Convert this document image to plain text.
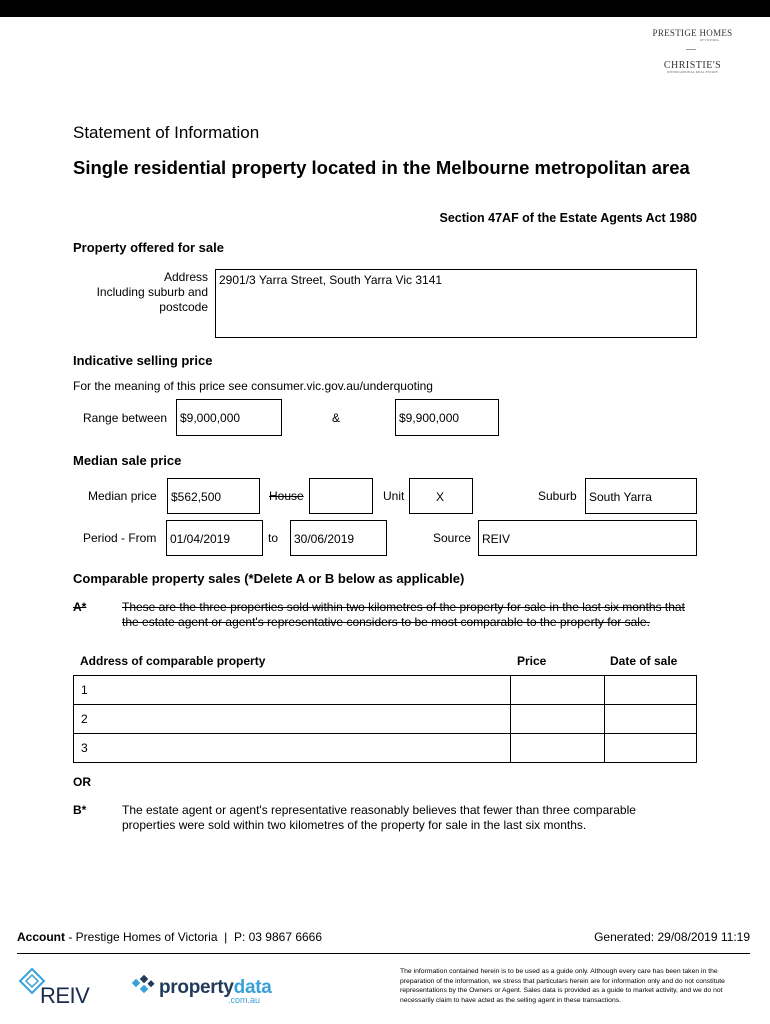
PRESTIGE HOMES
OF VICTORIA
CHRISTIE'S
INTERNATIONAL REAL ESTATE
Statement of Information
Single residential property located in the Melbourne metropolitan area
Section 47AF of the Estate Agents Act 1980
Property offered for sale
Address
Including suburb and
postcode
2901/3 Yarra Street, South Yarra Vic 3141
Indicative selling price
For the meaning of this price see consumer.vic.gov.au/underquoting
Range between $9,000,000	&	$9,900,000
Median sale price
Median price $562,500	House	Unit	X	Suburb South Yarra
Period - From 01/04/2019	to 30/06/2019	Source REIV
Comparable property sales (*Delete A or B below as applicable)
A*	These are the three properties sold within two kilometres of the property for sale in the last six months that the estate agent or agent's representative considers to be most comparable to the property for sale.
Address of comparable property	Price	Date of sale
1		
2		
3		
OR
B*	The estate agent or agent's representative reasonably believes that fewer than three comparable properties were sold within two kilometres of the property for sale in the last six months.
Account - Prestige Homes of Victoria  |  P: 03 9867 6666	Generated: 29/08/2019 11:19
REIV	propertydata
.com.au
The information contained herein is to be used as a guide only. Although every care has been taken in the preparation of the information, we stress that particulars herein are for information only and do not constitute representations by the Owners or Agent. Sales data is provided as a guide to market activity, and we do not necessarily claim to have acted as the selling agent in these transactions.
